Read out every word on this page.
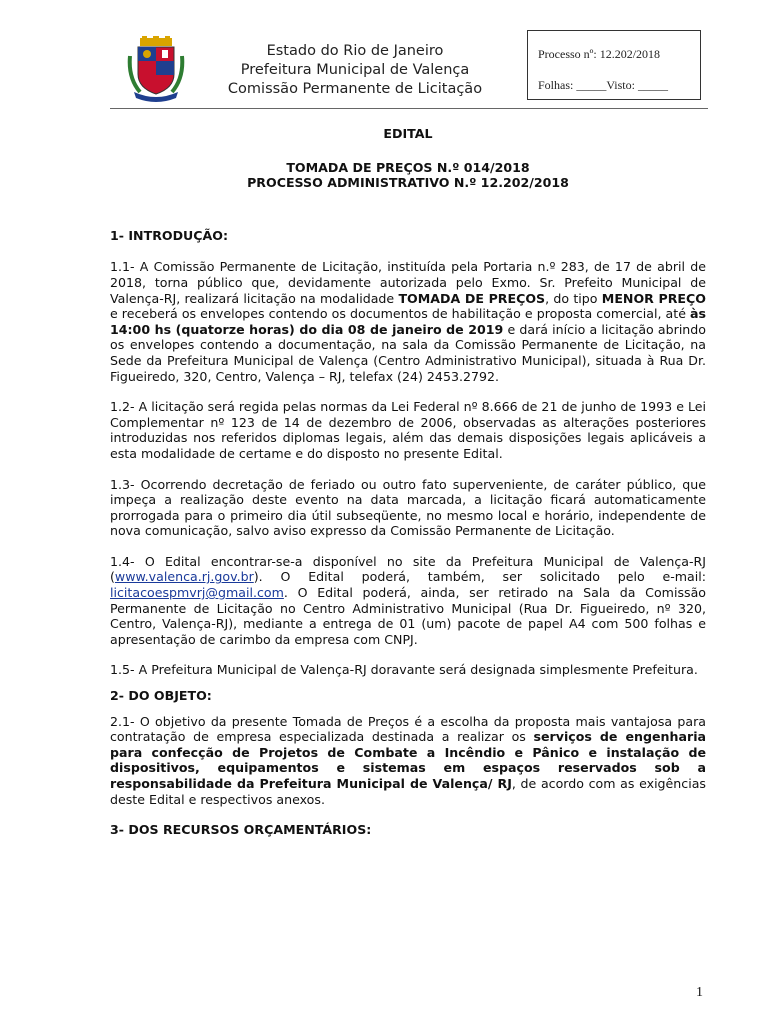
Estado do Rio de Janeiro
Prefeitura Municipal de Valença
Comissão Permanente de Licitação
Processo nº: 12.202/2018
Folhas: _____Visto: _____
EDITAL
TOMADA DE PREÇOS N.º 014/2018
PROCESSO ADMINISTRATIVO N.º 12.202/2018
1- INTRODUÇÃO:

1.1- A Comissão Permanente de Licitação, instituída pela Portaria n.º 283, de 17 de abril de 2018, torna público que, devidamente autorizada pelo Exmo. Sr. Prefeito Municipal de Valença-RJ, realizará licitação na modalidade TOMADA DE PREÇOS, do tipo MENOR PREÇO e receberá os envelopes contendo os documentos de habilitação e proposta comercial, até às 14:00 hs (quatorze horas) do dia 08 de janeiro de 2019 e dará início a licitação abrindo os envelopes contendo a documentação, na sala da Comissão Permanente de Licitação, na Sede da Prefeitura Municipal de Valença (Centro Administrativo Municipal), situada à Rua Dr. Figueiredo, 320, Centro, Valença – RJ, telefax (24) 2453.2792.

1.2- A licitação será regida pelas normas da Lei Federal nº 8.666 de 21 de junho de 1993 e Lei Complementar nº 123 de 14 de dezembro de 2006, observadas as alterações posteriores introduzidas nos referidos diplomas legais, além das demais disposições legais aplicáveis a esta modalidade de certame e do disposto no presente Edital.

1.3- Ocorrendo decretação de feriado ou outro fato superveniente, de caráter público, que impeça a realização deste evento na data marcada, a licitação ficará automaticamente prorrogada para o primeiro dia útil subseqüente, no mesmo local e horário, independente de nova comunicação, salvo aviso expresso da Comissão Permanente de Licitação.

1.4- O Edital encontrar-se-a disponível no site da Prefeitura Municipal de Valença-RJ (www.valenca.rj.gov.br). O Edital poderá, também, ser solicitado pelo e-mail: licitacoespmvrj@gmail.com. O Edital poderá, ainda, ser retirado na Sala da Comissão Permanente de Licitação no Centro Administrativo Municipal (Rua Dr. Figueiredo, nº 320, Centro, Valença-RJ), mediante a entrega de 01 (um) pacote de papel A4 com 500 folhas e apresentação de carimbo da empresa com CNPJ.

1.5- A Prefeitura Municipal de Valença-RJ doravante será designada simplesmente Prefeitura.

2- DO OBJETO:

2.1- O objetivo da presente Tomada de Preços é a escolha da proposta mais vantajosa para contratação de empresa especializada destinada a realizar os serviços de engenharia para confecção de Projetos de Combate a Incêndio e Pânico e instalação de dispositivos, equipamentos e sistemas em espaços reservados sob a responsabilidade da Prefeitura Municipal de Valença/ RJ, de acordo com as exigências deste Edital e respectivos anexos.

3- DOS RECURSOS ORÇAMENTÁRIOS:
1
